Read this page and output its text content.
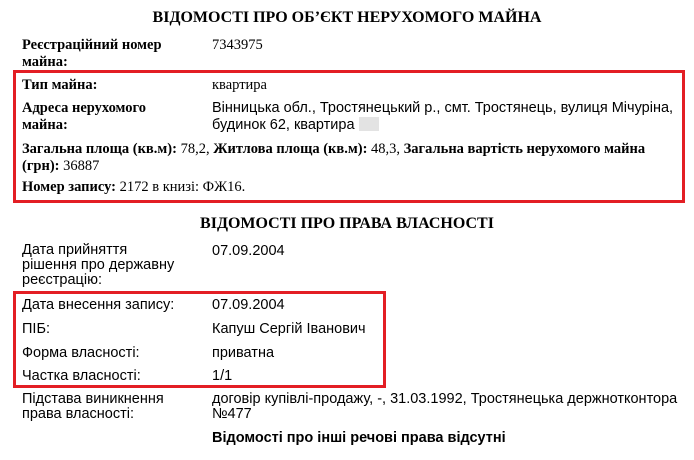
ВІДОМОСТІ ПРО ОБ’ЄКТ НЕРУХОМОГО МАЙНА
Реєстраційний номер майна:
7343975
Тип майна:	квартира
Адреса нерухомого майна:
Вінницька обл., Тростянецький р., смт. Тростянець, вулиця Мічуріна, будинок 62, квартира
Загальна площа (кв.м): 78,2, Житлова площа (кв.м): 48,3, Загальна вартість нерухомого майна (грн): 36887
Номер запису: 2172 в книзі: ФЖ16.
ВІДОМОСТІ ПРО ПРАВА ВЛАСНОСТІ
Дата прийняття рішення про державну реєстрацію:
07.09.2004
Дата внесення запису:	07.09.2004
ПІБ:	Капуш Сергій Іванович
Форма власності:	приватна
Частка власності:	1/1
Підстава виникнення права власності:
договір купівлі-продажу, -, 31.03.1992, Тростянецька держнотконтора №477
Відомості про інші речові права відсутні
